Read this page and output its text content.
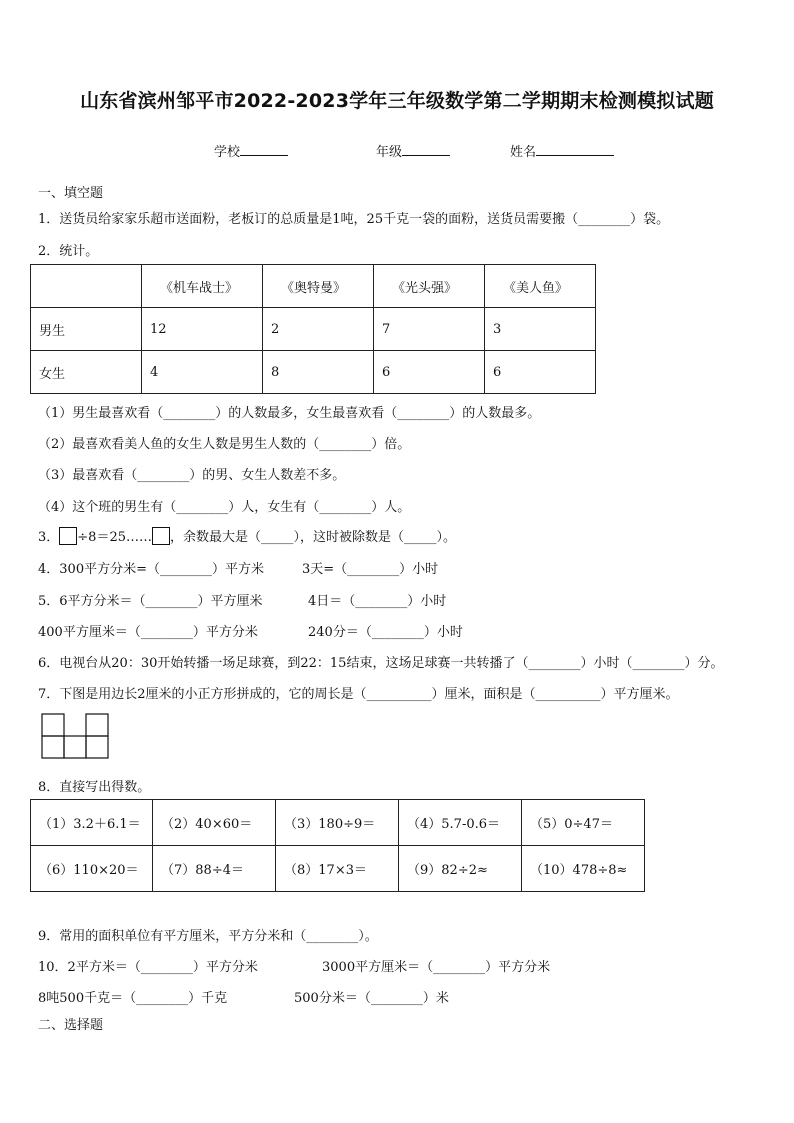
山东省滨州邹平市2022-2023学年三年级数学第二学期期末检测模拟试题
学校	年级	姓名
一、填空题
1．送货员给家家乐超市送面粉，老板订的总质量是1吨，25千克一袋的面粉，送货员需要搬（________）袋。
2．统计。
	《机车战士》	《奥特曼》	《光头强》	《美人鱼》
男生	12	2	7	3
女生	4	8	6	6
（1）男生最喜欢看（________）的人数最多，女生最喜欢看（________）的人数最多。
（2）最喜欢看美人鱼的女生人数是男生人数的（________）倍。
（3）最喜欢看（________）的男、女生人数差不多。
（4）这个班的男生有（________）人，女生有（________）人。
3． ÷8＝25…… ，余数最大是（_____），这时被除数是（_____）。
4．300平方分米=（________）平方米	3天=（________）小时
5．6平方分米＝（________）平方厘米	4日＝（________）小时
400平方厘米＝（________）平方分米	240分＝（________）小时
6．电视台从20：30开始转播一场足球赛，到22：15结束，这场足球赛一共转播了（________）小时（________）分。
7．下图是用边长2厘米的小正方形拼成的，它的周长是（__________）厘米，面积是（__________）平方厘米。
8．直接写出得数。
（1）3.2＋6.1＝	（2）40×60＝	（3）180÷9＝	（4）5.7-0.6＝	（5）0÷47＝
（6）110×20＝	（7）88÷4＝	（8）17×3＝	（9）82÷2≈	（10）478÷8≈
9．常用的面积单位有平方厘米，平方分米和（________）。
10．2平方米＝（________）平方分米	3000平方厘米＝（________）平方分米
8吨500千克＝（________）千克	500分米＝（________）米
二、选择题
